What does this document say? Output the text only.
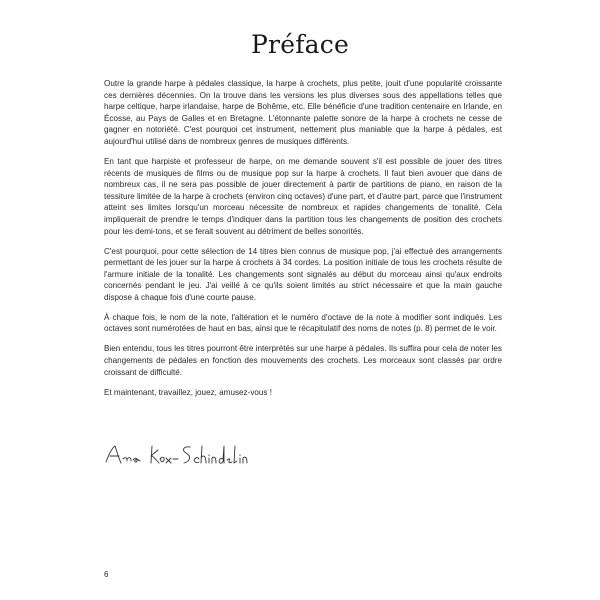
Préface

Outre la grande harpe à pédales classique, la harpe à crochets, plus petite, jouit d'une popularité croissante ces dernières décennies. On la trouve dans les versions les plus diverses sous des appellations telles que harpe celtique, harpe irlandaise, harpe de Bohême, etc. Elle bénéficie d'une tradition centenaire en Irlande, en Écosse, au Pays de Galles et en Bretagne. L'étonnante palette sonore de la harpe à crochets ne cesse de gagner en notoriété. C'est pourquoi cet instrument, nettement plus maniable que la harpe à pédales, est aujourd'hui utilisé dans de nombreux genres de musiques différents.

En tant que harpiste et professeur de harpe, on me demande souvent s'il est possible de jouer des titres récents de musiques de films ou de musique pop sur la harpe à crochets. Il faut bien avouer que dans de nombreux cas, il ne sera pas possible de jouer directement à partir de partitions de piano, en raison de la tessiture limitée de la harpe à crochets (environ cinq octaves) d'une part, et d'autre part, parce que l'instrument atteint ses limites lorsqu'un morceau nécessite de nombreux et rapides changements de tonalité. Cela impliquerait de prendre le temps d'indiquer dans la partition tous les changements de position des crochets pour les demi-tons, et se ferait souvent au détriment de belles sonorités.

C'est pourquoi, pour cette sélection de 14 titres bien connus de musique pop, j'ai effectué des arrangements permettant de les jouer sur la harpe à crochets à 34 cordes. La position initiale de tous les crochets résulte de l'armure initiale de la tonalité. Les changements sont signalés au début du morceau ainsi qu'aux endroits concernés pendant le jeu. J'ai veillé à ce qu'ils soient limités au strict nécessaire et que la main gauche dispose à chaque fois d'une courte pause.

À chaque fois, le nom de la note, l'altération et le numéro d'octave de la note à modifier sont indiqués. Les octaves sont numérotées de haut en bas, ainsi que le récapitulatif des noms de notes (p. 8) permet de le voir.

Bien entendu, tous les titres pourront être interprétés sur une harpe à pédales. Ils suffira pour cela de noter les changements de pédales en fonction des mouvements des crochets. Les morceaux sont classés par ordre croissant de difficulté.

Et maintenant, travaillez, jouez, amusez-vous !

6
